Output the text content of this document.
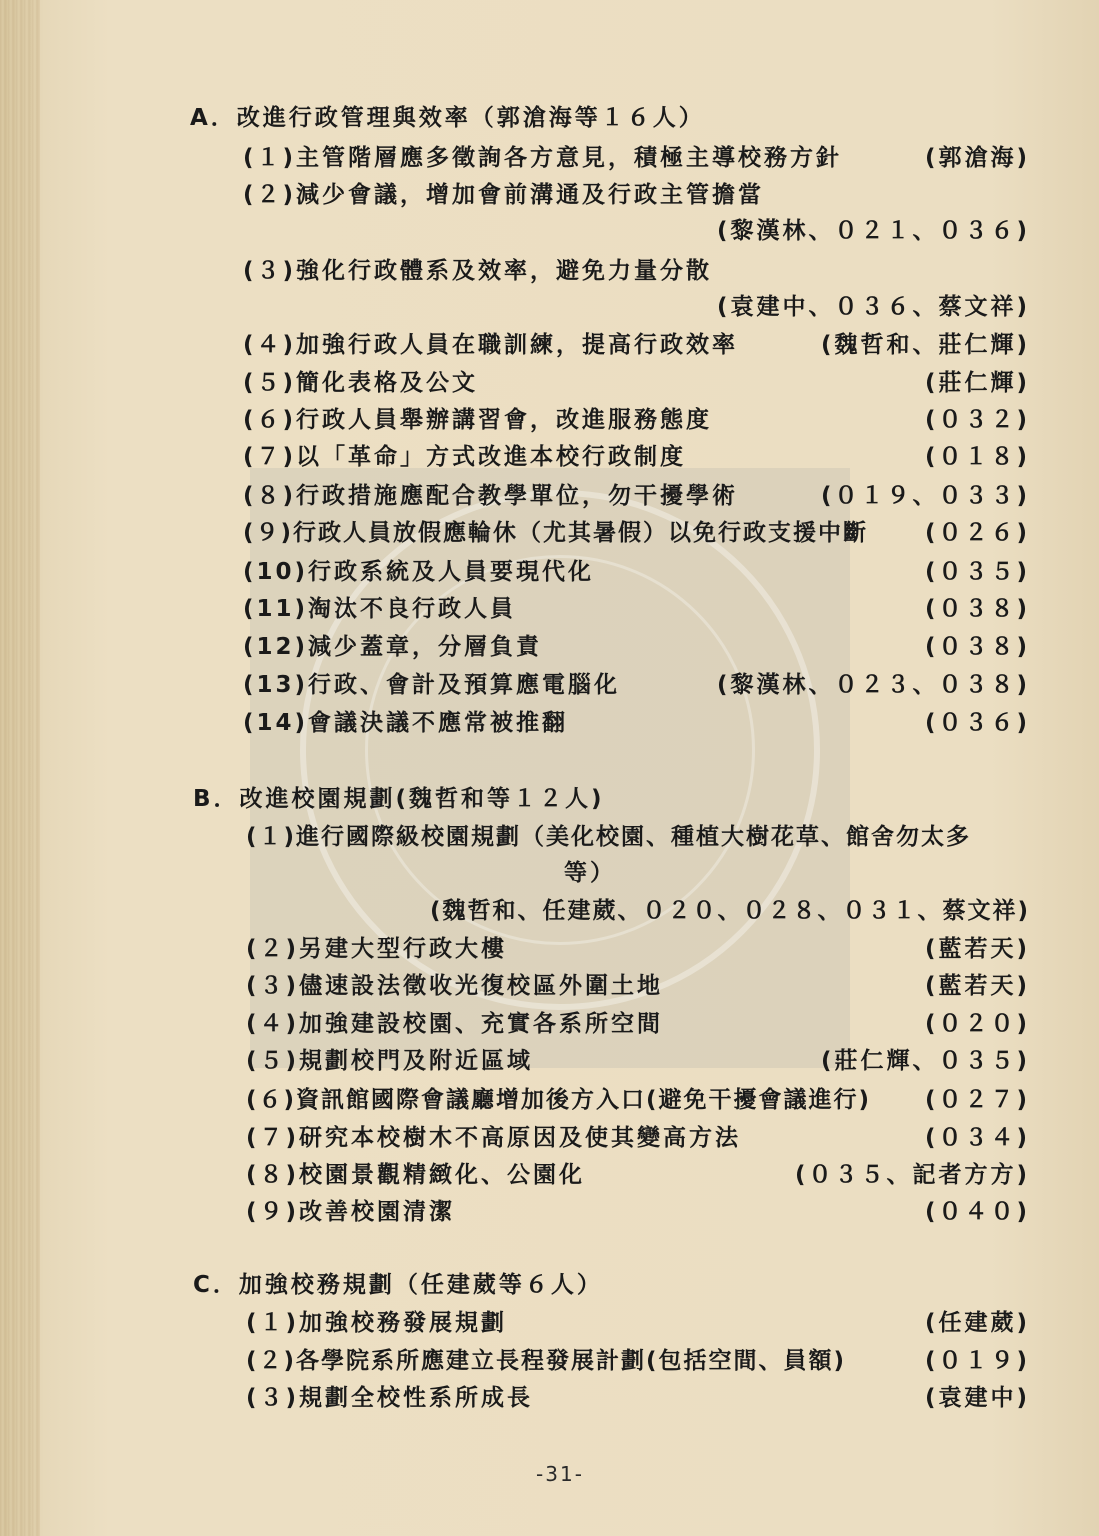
A．改進行政管理與效率（郭滄海等１６人）
(１)主管階層應多徵詢各方意見，積極主導校務方針	(郭滄海)
(２)減少會議，增加會前溝通及行政主管擔當
(黎漢林、０２１、０３６)
(３)強化行政體系及效率，避免力量分散
(袁建中、０３６、蔡文祥)
(４)加強行政人員在職訓練，提高行政效率	(魏哲和、莊仁輝)
(５)簡化表格及公文	(莊仁輝)
(６)行政人員舉辦講習會，改進服務態度	(０３２)
(７)以「革命」方式改進本校行政制度	(０１８)
(８)行政措施應配合教學單位，勿干擾學術	(０１９、０３３)
(９)行政人員放假應輪休（尤其暑假）以免行政支援中斷	(０２６)
(10)行政系統及人員要現代化	(０３５)
(11)淘汰不良行政人員	(０３８)
(12)減少蓋章，分層負責	(０３８)
(13)行政、會計及預算應電腦化	(黎漢林、０２３、０３８)
(14)會議決議不應常被推翻	(０３６)
B．改進校園規劃(魏哲和等１２人)
(１)進行國際級校園規劃（美化校園、種植大樹花草、館舍勿太多
等）
(魏哲和、任建葳、０２０、０２８、０３１、蔡文祥)
(２)另建大型行政大樓	(藍若天)
(３)儘速設法徵收光復校區外圍土地	(藍若天)
(４)加強建設校園、充實各系所空間	(０２０)
(５)規劃校門及附近區域	(莊仁輝、０３５)
(６)資訊館國際會議廳增加後方入口(避免干擾會議進行)	(０２７)
(７)研究本校樹木不高原因及使其變高方法	(０３４)
(８)校園景觀精緻化、公園化	(０３５、記者方方)
(９)改善校園清潔	(０４０)
C．加強校務規劃（任建葳等６人）
(１)加強校務發展規劃	(任建葳)
(２)各學院系所應建立長程發展計劃(包括空間、員額)	(０１９)
(３)規劃全校性系所成長	(袁建中)
-31-
